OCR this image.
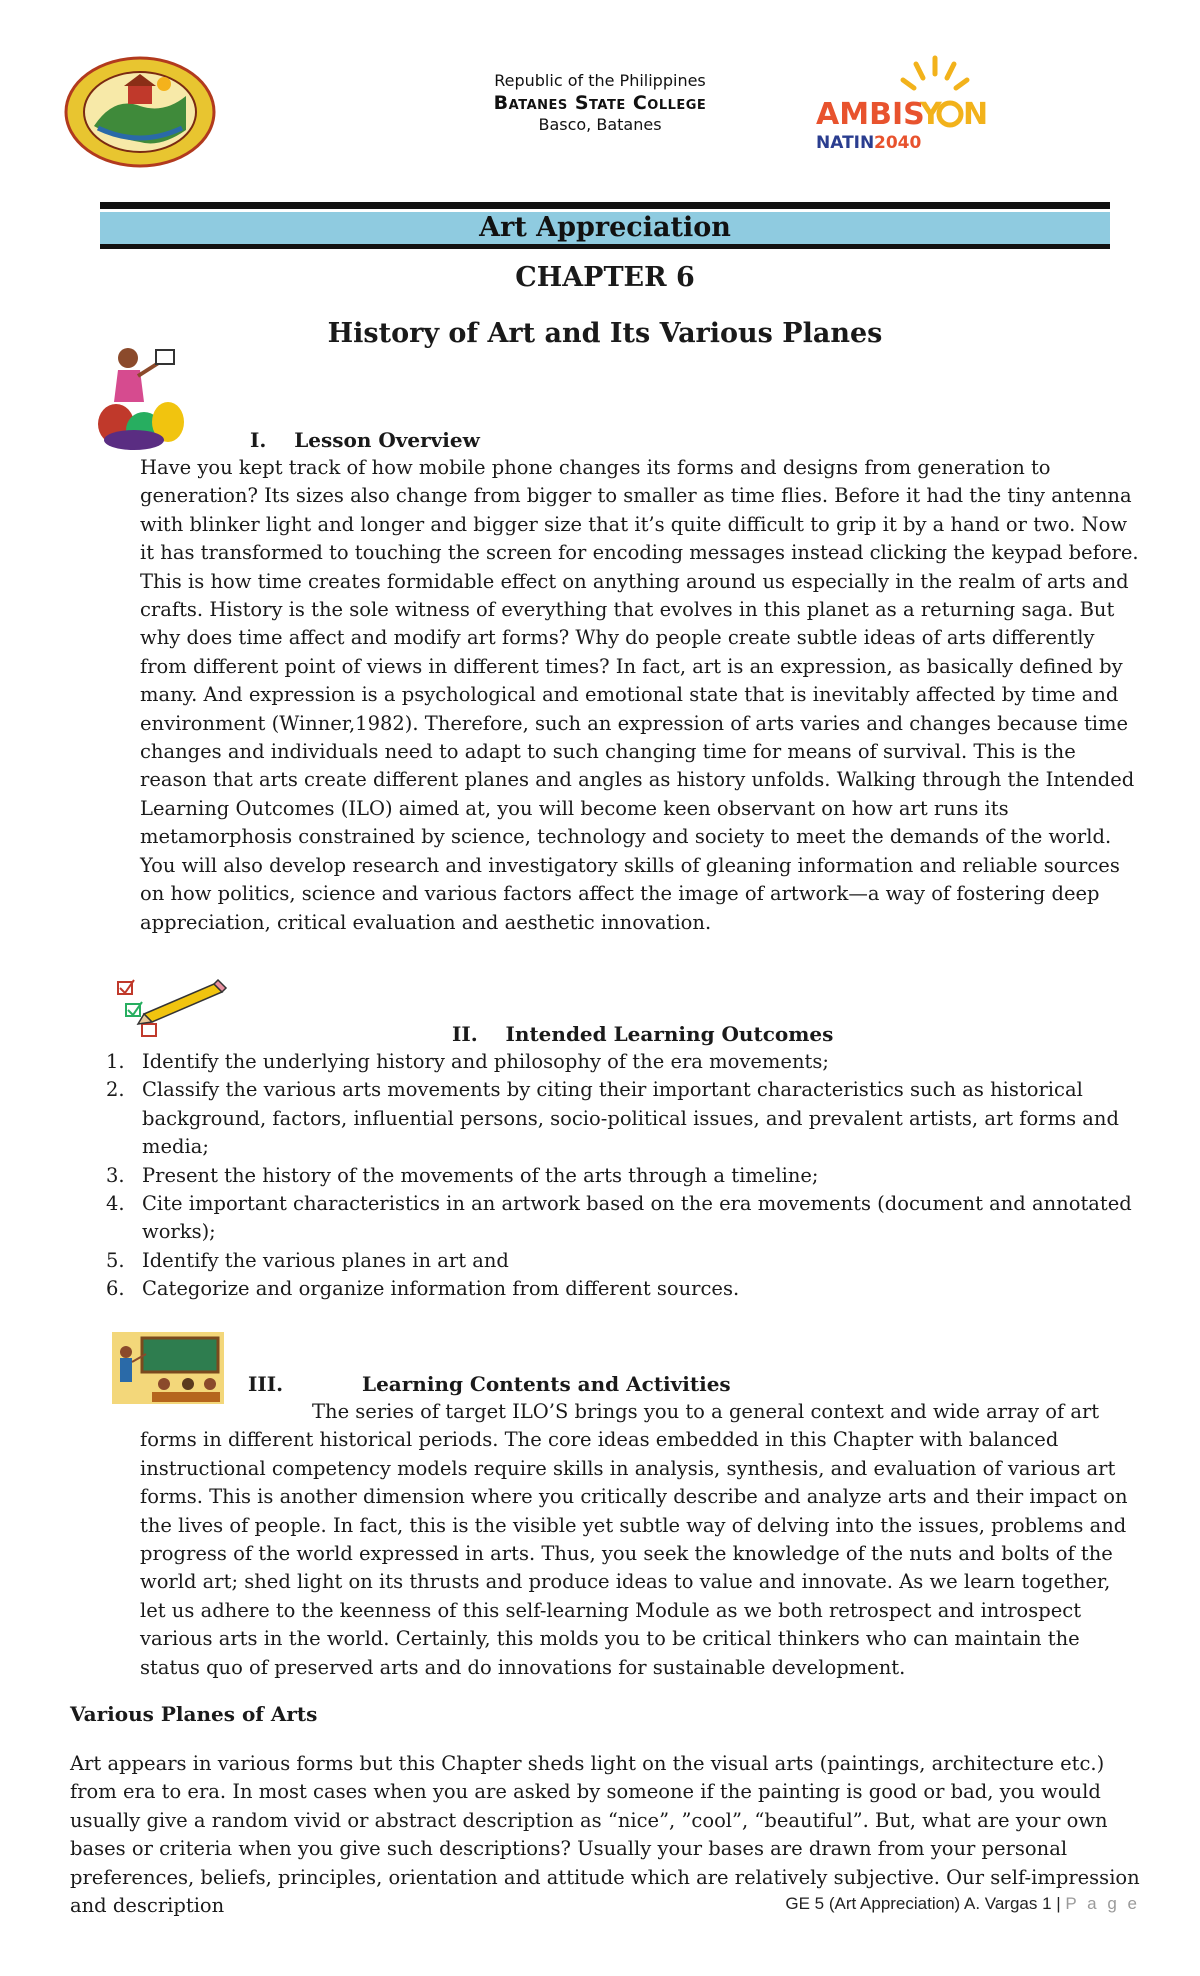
Republic of the Philippines
Batanes State College
Basco, Batanes	AMBIS
Y N
NATIN 2040
Art Appreciation
CHAPTER 6
History of Art and Its Various Planes
I. Lesson Overview
Have you kept track of how mobile phone changes its forms and designs from generation to generation? Its sizes also change from bigger to smaller as time flies. Before it had the tiny antenna with blinker light and longer and bigger size that it’s quite difficult to grip it by a hand or two. Now it has transformed to touching the screen for encoding messages instead clicking the keypad before. This is how time creates formidable effect on anything around us especially in the realm of arts and crafts. History is the sole witness of everything that evolves in this planet as a returning saga. But why does time affect and modify art forms? Why do people create subtle ideas of arts differently from different point of views in different times? In fact, art is an expression, as basically defined by many. And expression is a psychological and emotional state that is inevitably affected by time and environment (Winner,1982). Therefore, such an expression of arts varies and changes because time changes and individuals need to adapt to such changing time for means of survival. This is the reason that arts create different planes and angles as history unfolds. Walking through the Intended Learning Outcomes (ILO) aimed at, you will become keen observant on how art runs its metamorphosis constrained by science, technology and society to meet the demands of the world. You will also develop research and investigatory skills of gleaning information and reliable sources on how politics, science and various factors affect the image of artwork—a way of fostering deep appreciation, critical evaluation and aesthetic innovation.
II. Intended Learning Outcomes
1. Identify the underlying history and philosophy of the era movements;
2. Classify the various arts movements by citing their important characteristics such as historical background, factors, influential persons, socio-political issues, and prevalent artists, art forms and media;
3. Present the history of the movements of the arts through a timeline;
4. Cite important characteristics in an artwork based on the era movements (document and annotated works);
5. Identify the various planes in art and
6. Categorize and organize information from different sources.
III.	Learning Contents and Activities
The series of target ILO’S brings you to a general context and wide array of art forms in different historical periods. The core ideas embedded in this Chapter with balanced instructional competency models require skills in analysis, synthesis, and evaluation of various art forms. This is another dimension where you critically describe and analyze arts and their impact on the lives of people. In fact, this is the visible yet subtle way of delving into the issues, problems and progress of the world expressed in arts. Thus, you seek the knowledge of the nuts and bolts of the world art; shed light on its thrusts and produce ideas to value and innovate. As we learn together, let us adhere to the keenness of this self-learning Module as we both retrospect and introspect various arts in the world. Certainly, this molds you to be critical thinkers who can maintain the status quo of preserved arts and do innovations for sustainable development.
Various Planes of Arts
Art appears in various forms but this Chapter sheds light on the visual arts (paintings, architecture etc.) from era to era. In most cases when you are asked by someone if the painting is good or bad, you would usually give a random vivid or abstract description as “nice”, ”cool”, “beautiful”. But, what are your own bases or criteria when you give such descriptions? Usually your bases are drawn from your personal preferences, beliefs, principles, orientation and attitude which are relatively subjective. Our self-impression and description	GE 5 (Art Appreciation) A. Vargas 1 | P a g e
